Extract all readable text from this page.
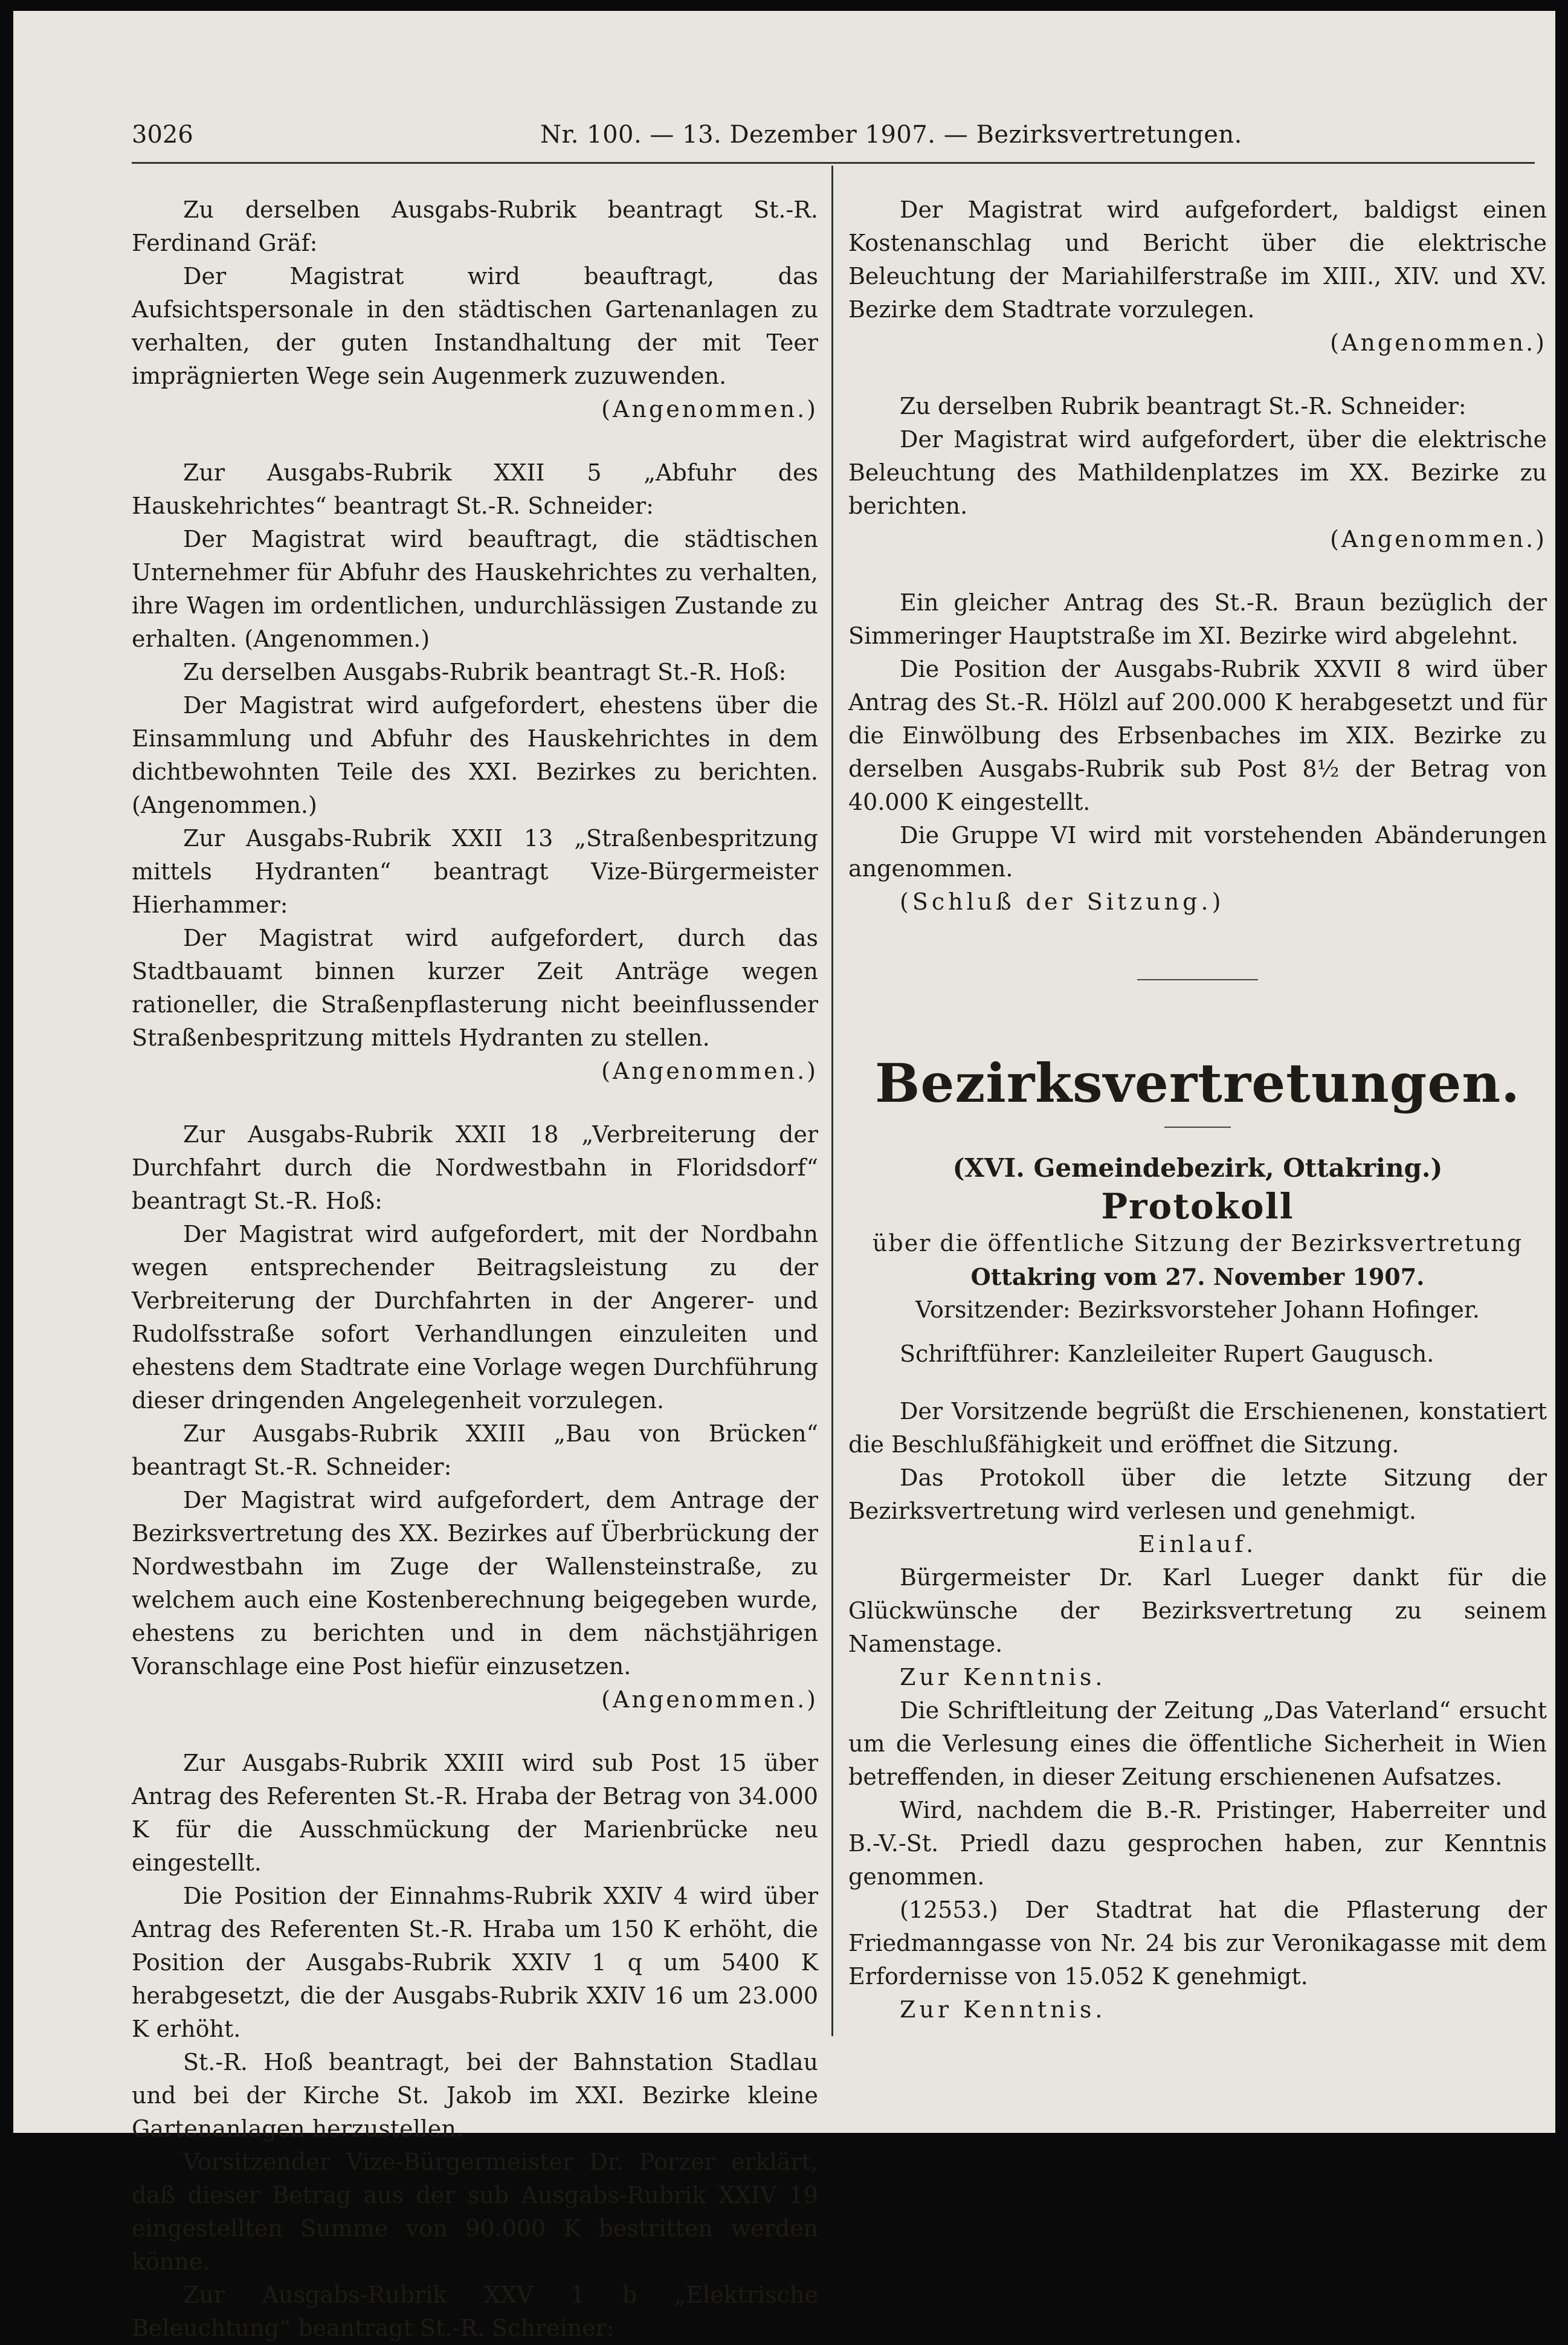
3026	Nr. 100. — 13. Dezember 1907. — Bezirksvertretungen.

Zu derselben Ausgabs-Rubrik beantragt St.-R. Ferdinand Gräf:

Der Magistrat wird beauftragt, das Aufsichtspersonale in den städtischen Gartenanlagen zu verhalten, der guten Instandhaltung der mit Teer imprägnierten Wege sein Augenmerk zuzuwenden.

(Angenommen.)

Zur Ausgabs-Rubrik XXII 5 „Abfuhr des Hauskehrichtes“ beantragt St.-R. Schneider:

Der Magistrat wird beauftragt, die städtischen Unternehmer für Abfuhr des Hauskehrichtes zu verhalten, ihre Wagen im ordentlichen, undurchlässigen Zustande zu erhalten. (Angenommen.)

Zu derselben Ausgabs-Rubrik beantragt St.-R. Hoß:

Der Magistrat wird aufgefordert, ehestens über die Einsammlung und Abfuhr des Hauskehrichtes in dem dichtbewohnten Teile des XXI. Bezirkes zu berichten. (Angenommen.)

Zur Ausgabs-Rubrik XXII 13 „Straßenbespritzung mittels Hydranten“ beantragt Vize-Bürgermeister Hierhammer:

Der Magistrat wird aufgefordert, durch das Stadtbauamt binnen kurzer Zeit Anträge wegen rationeller, die Straßenpflasterung nicht beeinflussender Straßenbespritzung mittels Hydranten zu stellen.

(Angenommen.)

Zur Ausgabs-Rubrik XXII 18 „Verbreiterung der Durchfahrt durch die Nordwestbahn in Floridsdorf“ beantragt St.-R. Hoß:

Der Magistrat wird aufgefordert, mit der Nordbahn wegen entsprechender Beitragsleistung zu der Verbreiterung der Durchfahrten in der Angerer- und Rudolfsstraße sofort Verhandlungen einzuleiten und ehestens dem Stadtrate eine Vorlage wegen Durchführung dieser dringenden Angelegenheit vorzulegen.

Zur Ausgabs-Rubrik XXIII „Bau von Brücken“ beantragt St.-R. Schneider:

Der Magistrat wird aufgefordert, dem Antrage der Bezirksvertretung des XX. Bezirkes auf Überbrückung der Nordwestbahn im Zuge der Wallensteinstraße, zu welchem auch eine Kostenberechnung beigegeben wurde, ehestens zu berichten und in dem nächstjährigen Voranschlage eine Post hiefür einzusetzen.

(Angenommen.)

Zur Ausgabs-Rubrik XXIII wird sub Post 15 über Antrag des Referenten St.-R. Hraba der Betrag von 34.000 K für die Ausschmückung der Marienbrücke neu eingestellt.

Die Position der Einnahms-Rubrik XXIV 4 wird über Antrag des Referenten St.-R. Hraba um 150 K erhöht, die Position der Ausgabs-Rubrik XXIV 1 q um 5400 K herabgesetzt, die der Ausgabs-Rubrik XXIV 16 um 23.000 K erhöht.

St.-R. Hoß beantragt, bei der Bahnstation Stadlau und bei der Kirche St. Jakob im XXI. Bezirke kleine Gartenanlagen herzustellen.

Vorsitzender Vize-Bürgermeister Dr. Porzer erklärt, daß dieser Betrag aus der sub Ausgabs-Rubrik XXIV 19 eingestellten Summe von 90.000 K bestritten werden könne.

Zur Ausgabs-Rubrik XXV 1 b „Elektrische Beleuchtung“ beantragt St.-R. Schreiner:

Der Magistrat wird aufgefordert, baldigst einen Kostenanschlag und Bericht über die elektrische Beleuchtung der Mariahilferstraße im XIII., XIV. und XV. Bezirke dem Stadtrate vorzulegen.

(Angenommen.)

Zu derselben Rubrik beantragt St.-R. Schneider:

Der Magistrat wird aufgefordert, über die elektrische Beleuchtung des Mathildenplatzes im XX. Bezirke zu berichten.

(Angenommen.)

Ein gleicher Antrag des St.-R. Braun bezüglich der Simmeringer Hauptstraße im XI. Bezirke wird abgelehnt.

Die Position der Ausgabs-Rubrik XXVII 8 wird über Antrag des St.-R. Hölzl auf 200.000 K herabgesetzt und für die Einwölbung des Erbsenbaches im XIX. Bezirke zu derselben Ausgabs-Rubrik sub Post 8½ der Betrag von 40.000 K eingestellt.

Die Gruppe VI wird mit vorstehenden Abänderungen angenommen.

(Schluß der Sitzung.)

Bezirksvertretungen.

(XVI. Gemeindebezirk, Ottakring.)

Protokoll

über die öffentliche Sitzung der Bezirksvertretung

Ottakring vom 27. November 1907.

Vorsitzender: Bezirksvorsteher Johann Hofinger.

Schriftführer: Kanzleileiter Rupert Gaugusch.

Der Vorsitzende begrüßt die Erschienenen, konstatiert die Beschlußfähigkeit und eröffnet die Sitzung.

Das Protokoll über die letzte Sitzung der Bezirksvertretung wird verlesen und genehmigt.

Einlauf.

Bürgermeister Dr. Karl Lueger dankt für die Glückwünsche der Bezirksvertretung zu seinem Namenstage.

Zur Kenntnis.

Die Schriftleitung der Zeitung „Das Vaterland“ ersucht um die Verlesung eines die öffentliche Sicherheit in Wien betreffenden, in dieser Zeitung erschienenen Aufsatzes.

Wird, nachdem die B.-R. Pristinger, Haberreiter und B.-V.-St. Priedl dazu gesprochen haben, zur Kenntnis genommen.

(12553.) Der Stadtrat hat die Pflasterung der Friedmanngasse von Nr. 24 bis zur Veronikagasse mit dem Erfordernisse von 15.052 K genehmigt.

Zur Kenntnis.
